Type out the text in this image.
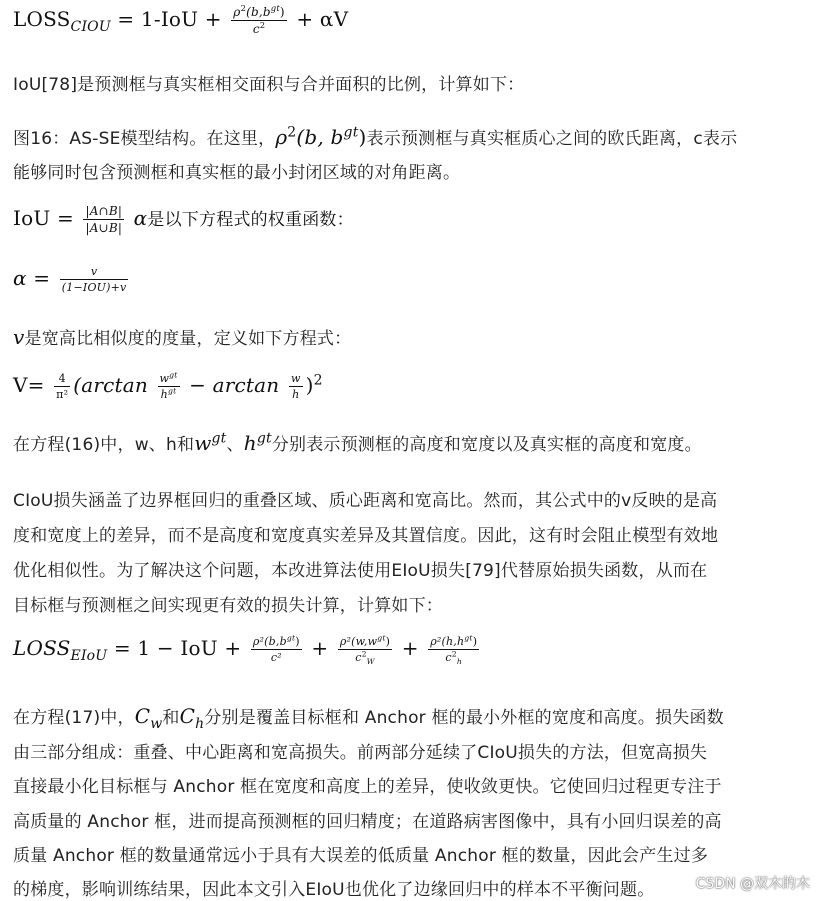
$LOSS_{CIOU} = 1-IoU + \frac{\rho^2(b,b^{gt})}{c^2} + \alpha V$
IoU[78]是预测框与真实框相交面积与合并面积的比例，计算如下：
图16：AS-SE模型结构。在这里，$\rho^2(b$, $b^{gt}$)表示预测框与真实框质心之间的欧氏距离，c表示
能够同时包含预测框和真实框的最小封闭区域的对角距离。
IoU = $\frac{|A\cap B|}{|A\cup B|}$ α是以下方程式的权重函数：
$\alpha = \frac{v}{\text{(1−IOU)+v}}$
v是宽高比相似度的度量，定义如下方程式：
$V= \frac{4}{\text{π²}} (\arctan \frac{w^{gt}}{h^{gt}} - \arctan \frac{w}{h} )^2$
在方程(16)中，w、h和$w^{gt}$、$h^{gt}$分别表示预测框的高度和宽度以及真实框的高度和宽度。
CIoU损失涵盖了边界框回归的重叠区域、质心距离和宽高比。然而，其公式中的v反映的是高
度和宽度上的差异，而不是高度和宽度真实差异及其置信度。因此，这有时会阻止模型有效地
优化相似性。为了解决这个问题，本改进算法使用EIoU损失[79]代替原始损失函数，从而在
目标框与预测框之间实现更有效的损失计算，计算如下：
$LOSS_{EIoU} = 1$ − IoU + $\frac{\rho^2(b,b^{gt})}{\text{c²}} + \frac{\rho^2(w,w^{gt})}{c^2_W} + \frac{\rho^2(h,h^{gt})}{c^2_h}$
在方程(17)中，$C_w$和$C_h$分别是覆盖目标框和 Anchor 框的最小外框的宽度和高度。损失函数
由三部分组成：重叠、中心距离和宽高损失。前两部分延续了CIoU损失的方法，但宽高损失
直接最小化目标框与 Anchor 框在宽度和高度上的差异，使收敛更快。它使回归过程更专注于
高质量的 Anchor 框，进而提高预测框的回归精度；在道路病害图像中，具有小回归误差的高
质量 Anchor 框的数量通常远小于具有大误差的低质量 Anchor 框的数量，因此会产生过多
的梯度，影响训练结果，因此本文引入EIoU也优化了边缘回归中的样本不平衡问题。	CSDN @双木的木
